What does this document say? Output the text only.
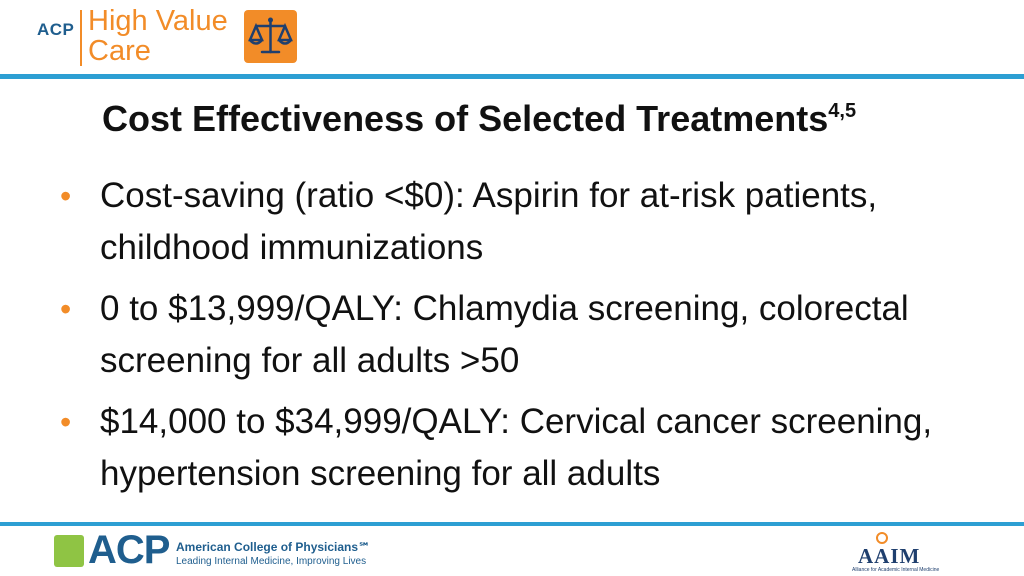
ACP High Value
Care
Cost Effectiveness of Selected Treatments$^{4,5}$
• Cost-saving (ratio <$0): Aspirin for at-risk patients, childhood immunizations
• 0 to $13,999/QALY: Chlamydia screening, colorectal screening for all adults >50
• $14,000 to $34,999/QALY: Cervical cancer screening, hypertension screening for all adults
ACP American College of Physicians℠
Leading Internal Medicine, Improving Lives	AAIM
Alliance for Academic Internal Medicine
